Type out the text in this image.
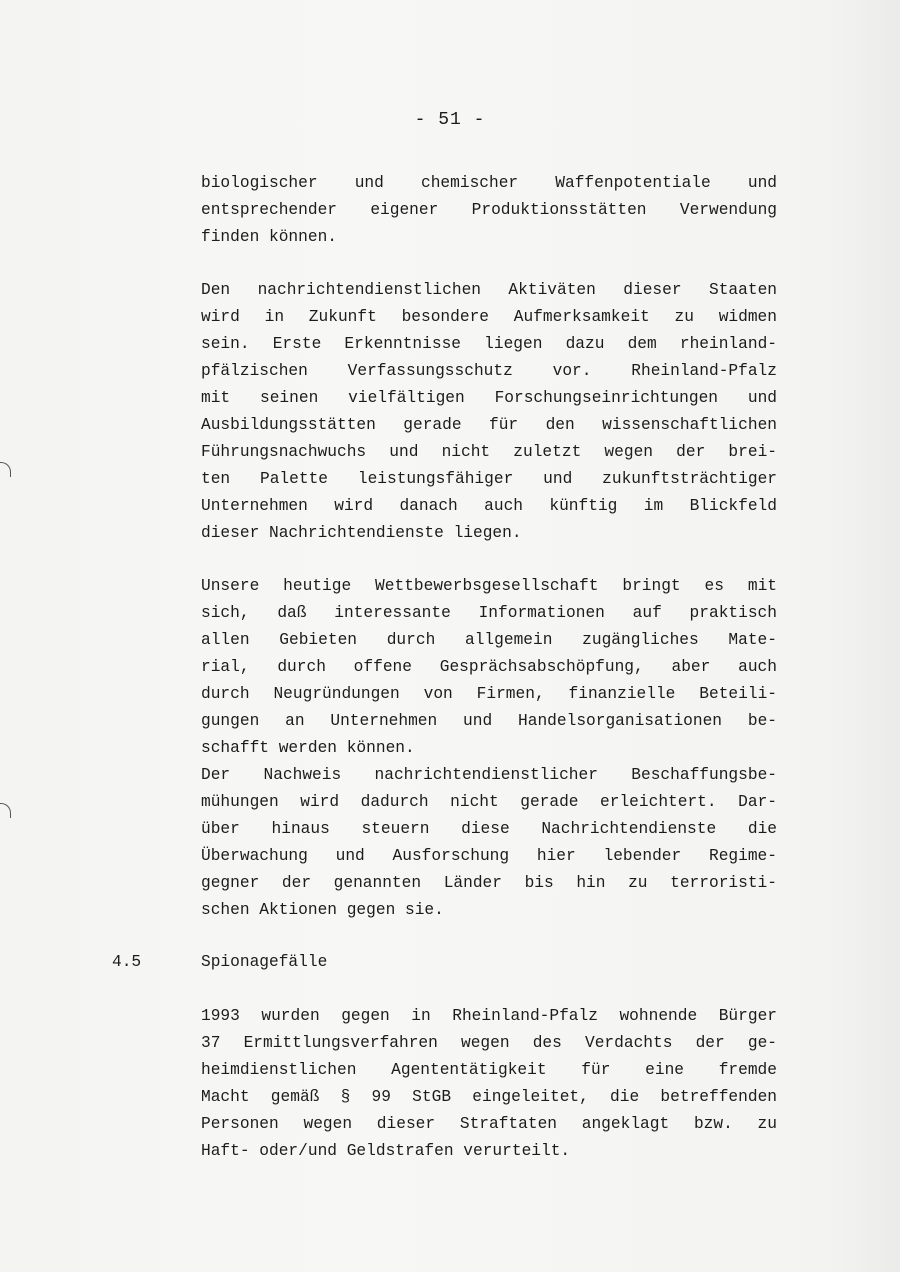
- 51 -
biologischer und chemischer Waffenpotentiale und
entsprechender eigener Produktionsstätten Verwendung
finden können.
Den nachrichtendienstlichen Aktiväten dieser Staaten
wird in Zukunft besondere Aufmerksamkeit zu widmen
sein. Erste Erkenntnisse liegen dazu dem rheinland-
pfälzischen Verfassungsschutz vor. Rheinland-Pfalz
mit seinen vielfältigen Forschungseinrichtungen und
Ausbildungsstätten gerade für den wissenschaftlichen
Führungsnachwuchs und nicht zuletzt wegen der brei-
ten Palette leistungsfähiger und zukunftsträchtiger
Unternehmen wird danach auch künftig im Blickfeld
dieser Nachrichtendienste liegen.
Unsere heutige Wettbewerbsgesellschaft bringt es mit
sich, daß interessante Informationen auf praktisch
allen Gebieten durch allgemein zugängliches Mate-
rial, durch offene Gesprächsabschöpfung, aber auch
durch Neugründungen von Firmen, finanzielle Beteili-
gungen an Unternehmen und Handelsorganisationen be-
schafft werden können.
Der Nachweis nachrichtendienstlicher Beschaffungsbe-
mühungen wird dadurch nicht gerade erleichtert. Dar-
über hinaus steuern diese Nachrichtendienste die
Überwachung und Ausforschung hier lebender Regime-
gegner der genannten Länder bis hin zu terroristi-
schen Aktionen gegen sie.
4.5	Spionagefälle
1993 wurden gegen in Rheinland-Pfalz wohnende Bürger
37 Ermittlungsverfahren wegen des Verdachts der ge-
heimdienstlichen Agententätigkeit für eine fremde
Macht gemäß § 99 StGB eingeleitet, die betreffenden
Personen wegen dieser Straftaten angeklagt bzw. zu
Haft- oder/und Geldstrafen verurteilt.
